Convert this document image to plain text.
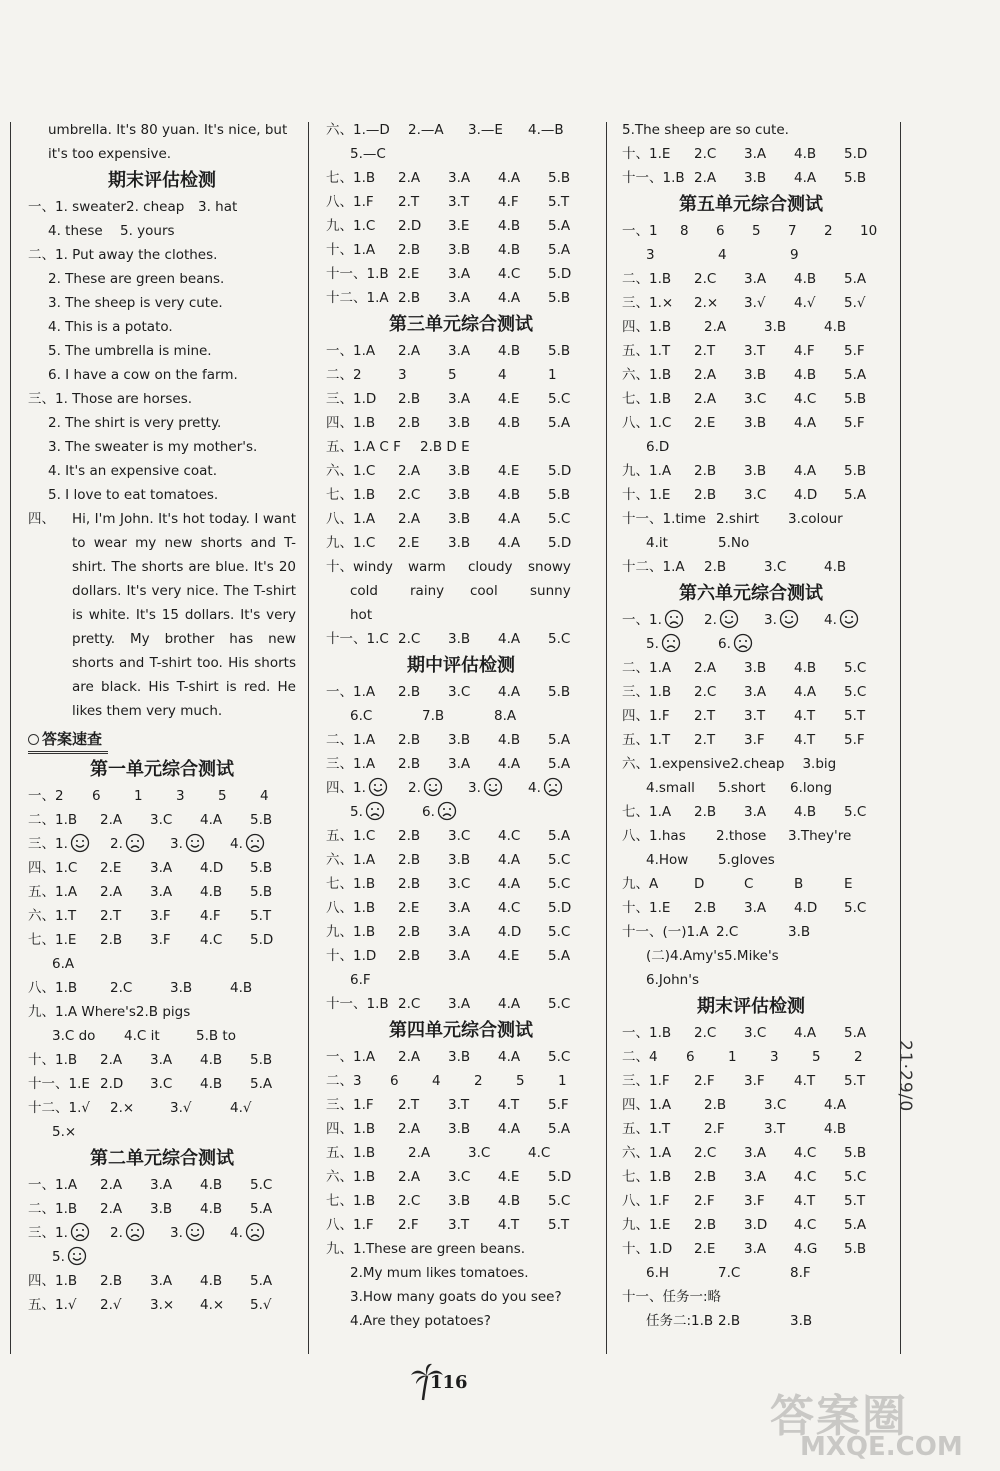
umbrella. It's 80 yuan. It's nice, but
it's too expensive.
期末评估检测
一、1. sweater 2. cheap	3. hat
4. these	5. yours
二、1. Put away the clothes.
2. These are green beans.
3. The sheep is very cute.
4. This is a potato.
5. The umbrella is mine.
6. I have a cow on the farm.
三、1. Those are horses.
2. The shirt is very pretty.
3. The sweater is my mother's.
4. It's an expensive coat.
5. I love to eat tomatoes.
四、	Hi, I'm John. It's hot today. I want to wear my new shorts and T-shirt. The shorts are blue. It's 20 dollars. It's very nice. The T-shirt is white. It's 15 dollars. It's very pretty. My brother has new shorts and T-shirt too. His shorts are black. His T-shirt is red. He likes them very much.
答案速查
第一单元综合测试
一、2	6	1	3	5	4
二、1.B	2.A	3.C	4.A	5.B
三、1.	2.	3.	4.
四、1.C	2.E	3.A	4.D	5.B
五、1.A	2.A	3.A	4.B	5.B
六、1.T	2.T	3.F	4.F	5.T
七、1.E	2.B	3.F	4.C	5.D
6.A
八、1.B	2.C	3.B	4.B
九、1.A Where's 2.B pigs
3.C do	4.C it	5.B to
十、1.B	2.A	3.A	4.B	5.B
十一、1.E 2.D	3.C	4.B	5.A
十二、1.√	2.×	3.√	4.√
5.×
第二单元综合测试
一、1.A	2.A	3.A	4.B	5.C
二、1.B	2.A	3.B	4.B	5.A
三、1.	2.	3.	4.
5.
四、1.B	2.B	3.A	4.B	5.A
五、1.√	2.√	3.×	4.×	5.√
六、1.—D	2.—A	3.—E	4.—B
5.—C
七、1.B	2.A	3.A	4.A	5.B
八、1.F	2.T	3.T	4.F	5.T
九、1.C	2.D	3.E	4.B	5.A
十、1.A	2.B	3.B	4.B	5.A
十一、1.B 2.E	3.A	4.C	5.D
十二、1.A 2.B	3.A	4.A	5.B
第三单元综合测试
一、1.A	2.A	3.A	4.B	5.B
二、2	3	5	4	1
三、1.D	2.B	3.A	4.E	5.C
四、1.B	2.B	3.B	4.B	5.A
五、1.A C F	2.B D E
六、1.C	2.A	3.B	4.E	5.D
七、1.B	2.C	3.B	4.B	5.B
八、1.A	2.A	3.B	4.A	5.C
九、1.C	2.E	3.B	4.A	5.D
十、windy	warm	cloudy	snowy
cold	rainy	cool	sunny
hot
十一、1.C 2.C	3.B	4.A	5.C
期中评估检测
一、1.A	2.B	3.C	4.A	5.B
6.C	7.B	8.A
二、1.A	2.B	3.B	4.B	5.A
三、1.A	2.B	3.A	4.A	5.A
四、1.	2.	3.	4.
5.	6.
五、1.C	2.B	3.C	4.C	5.A
六、1.A	2.B	3.B	4.A	5.C
七、1.B	2.B	3.C	4.A	5.C
八、1.B	2.E	3.A	4.C	5.D
九、1.B	2.B	3.A	4.D	5.C
十、1.D	2.B	3.A	4.E	5.A
6.F
十一、1.B 2.C	3.A	4.A	5.C
第四单元综合测试
一、1.A	2.A	3.B	4.A	5.C
二、3	6	4	2	5	1
三、1.F	2.T	3.T	4.T	5.F
四、1.B	2.A	3.B	4.A	5.A
五、1.B	2.A	3.C	4.C
六、1.B	2.A	3.C	4.E	5.D
七、1.B	2.C	3.B	4.B	5.C
八、1.F	2.F	3.T	4.T	5.T
九、1.These are green beans.
2.My mum likes tomatoes.
3.How many goats do you see?
4.Are they potatoes?
5.The sheep are so cute.
十、1.E	2.C	3.A	4.B	5.D
十一、1.B 2.A	3.B	4.A	5.B
第五单元综合测试
一、1	8	6	5	7	2	10
3	4	9
二、1.B	2.C	3.A	4.B	5.A
三、1.×	2.×	3.√	4.√	5.√
四、1.B	2.A	3.B	4.B
五、1.T	2.T	3.T	4.F	5.F
六、1.B	2.A	3.B	4.B	5.A
七、1.B	2.A	3.C	4.C	5.B
八、1.C	2.E	3.B	4.A	5.F
6.D
九、1.A	2.B	3.B	4.A	5.B
十、1.E	2.B	3.C	4.D	5.A
十一、1.time 2.shirt	3.colour
4.it	5.No
十二、1.A	2.B	3.C	4.B
第六单元综合测试
一、1.	2.	3.	4.
5.	6.
二、1.A	2.A	3.B	4.B	5.C
三、1.B	2.C	3.A	4.A	5.C
四、1.F	2.T	3.T	4.T	5.T
五、1.T	2.T	3.F	4.T	5.F
六、1.expensive 2.cheap	3.big
4.small	5.short	6.long
七、1.A	2.B	3.A	4.B	5.C
八、1.has	2.those	3.They're
4.How	5.gloves
九、A	D	C	B	E
十、1.E	2.B	3.A	4.D	5.C
十一、(一)1.A 2.C	3.B
(二)4.Amy's 5.Mike's
6.John's
期末评估检测
一、1.B	2.C	3.C	4.A	5.A
二、4	6	1	3	5	2
三、1.F	2.F	3.F	4.T	5.T
四、1.A	2.B	3.C	4.A
五、1.T	2.F	3.T	4.B
六、1.A	2.C	3.A	4.C	5.B
七、1.B	2.B	3.A	4.C	5.C
八、1.F	2.F	3.F	4.T	5.T
九、1.E	2.B	3.D	4.C	5.A
十、1.D	2.E	3.A	4.G	5.B
6.H	7.C	8.F
十一、任务一:略
任务二:1.B 2.B	3.B
116
21·29/0
答案圈
MXQE.COM
